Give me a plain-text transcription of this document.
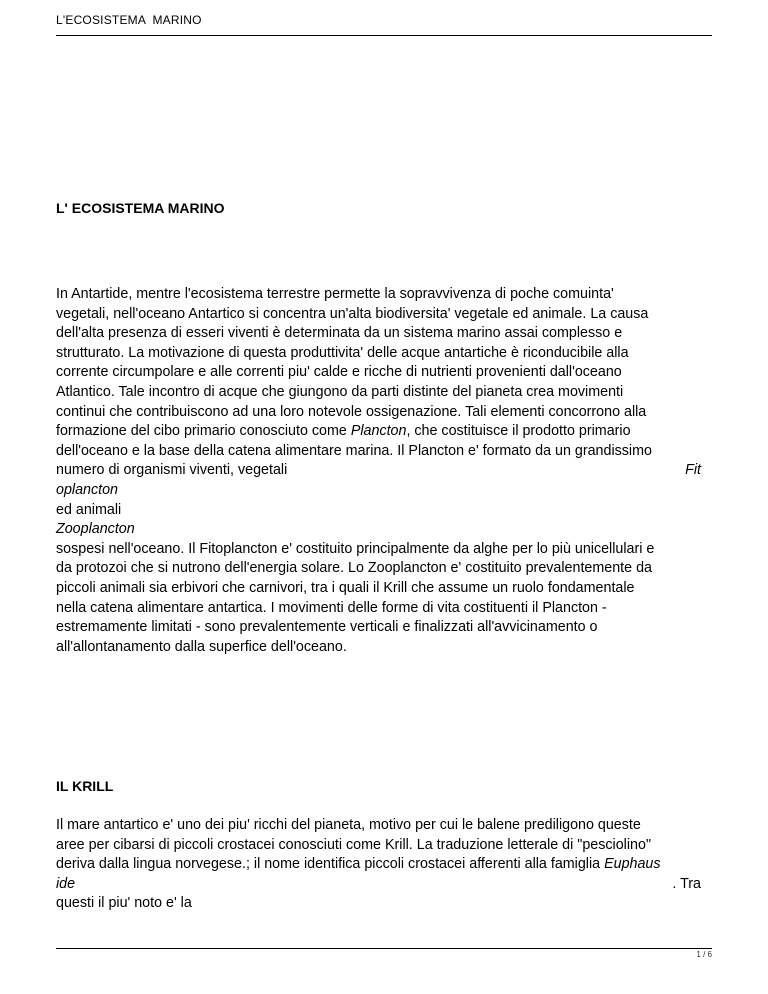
L'ECOSISTEMA  MARINO
L' ECOSISTEMA MARINO
In Antartide, mentre l'ecosistema terrestre permette la sopravvivenza di poche comuinta'
vegetali, nell'oceano Antartico si concentra un'alta biodiversita' vegetale ed animale. La causa
dell'alta presenza di esseri viventi è determinata da un sistema marino assai complesso e
strutturato. La motivazione di questa produttivita' delle acque antartiche è riconducibile alla
corrente circumpolare e alle correnti piu' calde e ricche di nutrienti provenienti dall'oceano
Atlantico. Tale incontro di acque che giungono da parti distinte del pianeta crea movimenti
continui che contribuiscono ad una loro notevole ossigenazione. Tali elementi concorrono alla
formazione del cibo primario conosciuto come Plancton, che costituisce il prodotto primario
dell'oceano e la base della catena alimentare marina. Il Plancton e' formato da un grandissimo
numero di organismi viventi, vegetali	Fit
oplancton
ed animali
Zooplancton
sospesi nell'oceano. Il Fitoplancton e' costituito principalmente da alghe per lo più unicellulari e
da protozoi che si nutrono dell'energia solare. Lo Zooplancton e' costituito prevalentemente da
piccoli animali sia erbivori che carnivori, tra i quali il Krill che assume un ruolo fondamentale
nella catena alimentare antartica. I movimenti delle forme di vita costituenti il Plancton -
estremamente limitati - sono prevalentemente verticali e finalizzati all'avvicinamento o
all'allontanamento dalla superfice dell'oceano.
IL KRILL
Il mare antartico e' uno dei piu' ricchi del pianeta, motivo per cui le balene prediligono queste
aree per cibarsi di piccoli crostacei conosciuti come Krill. La traduzione letterale di "pesciolino"
deriva dalla lingua norvegese.; il nome identifica piccoli crostacei afferenti alla famiglia Euphaus
ide	. Tra
questi il piu' noto e' la
1 / 6
